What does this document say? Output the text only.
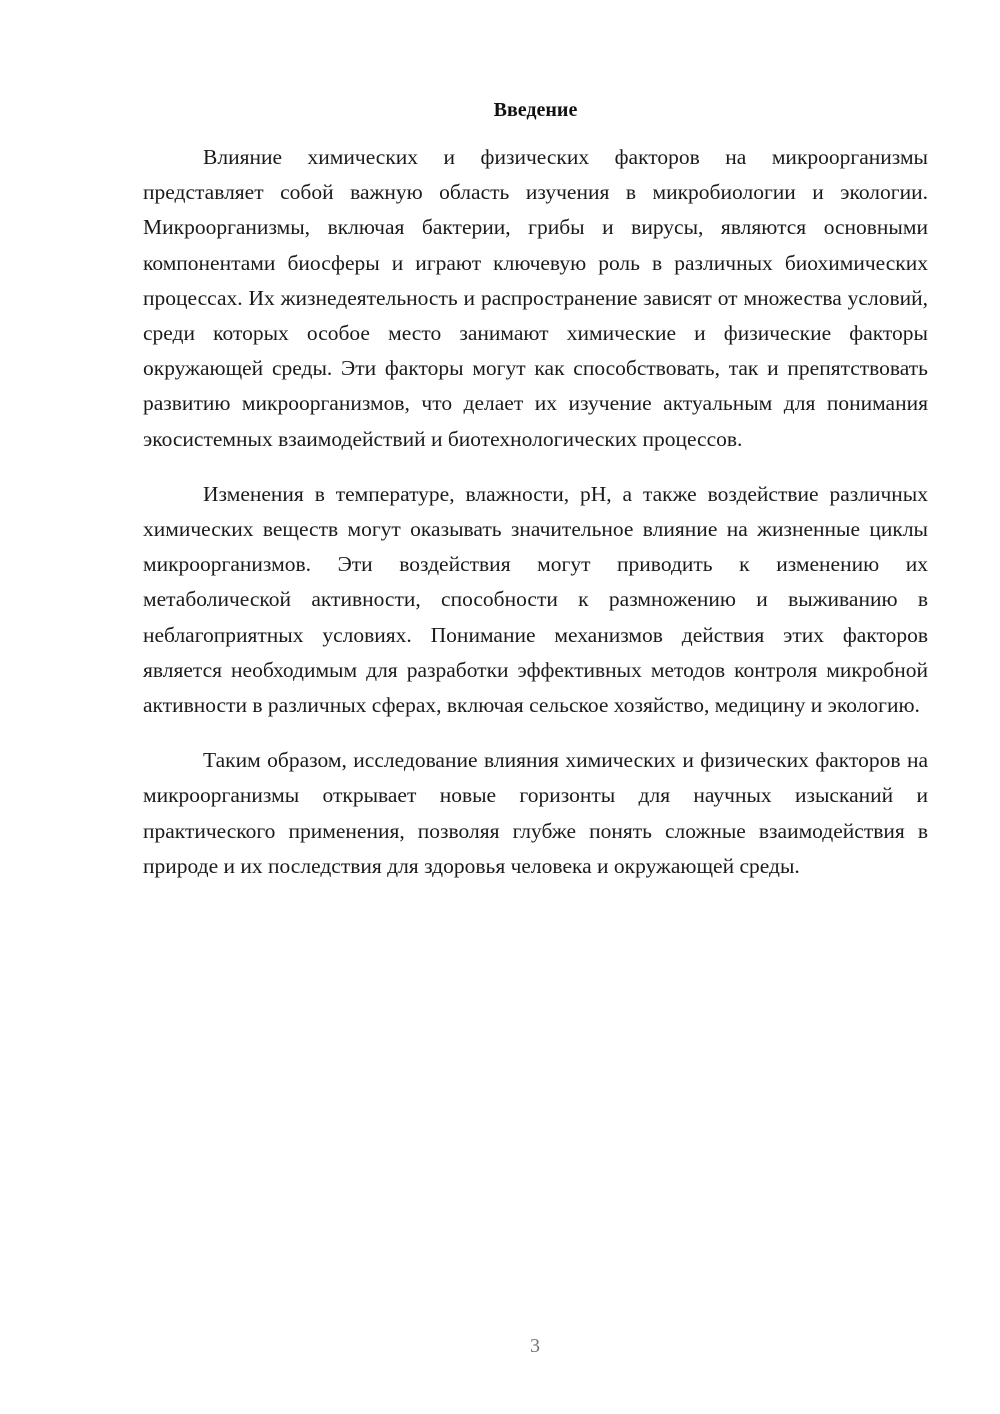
Введение

Влияние химических и физических факторов на микроорганизмы представляет собой важную область изучения в микробиологии и экологии. Микроорганизмы, включая бактерии, грибы и вирусы, являются основными компонентами биосферы и играют ключевую роль в различных биохимических процессах. Их жизнедеятельность и распространение зависят от множества условий, среди которых особое место занимают химические и физические факторы окружающей среды. Эти факторы могут как способствовать, так и препятствовать развитию микроорганизмов, что делает их изучение актуальным для понимания экосистемных взаимодействий и биотехнологических процессов.

Изменения в температуре, влажности, pH, а также воздействие различных химических веществ могут оказывать значительное влияние на жизненные циклы микроорганизмов. Эти воздействия могут приводить к изменению их метаболической активности, способности к размножению и выживанию в неблагоприятных условиях. Понимание механизмов действия этих факторов является необходимым для разработки эффективных методов контроля микробной активности в различных сферах, включая сельское хозяйство, медицину и экологию.

Таким образом, исследование влияния химических и физических факторов на микроорганизмы открывает новые горизонты для научных изысканий и практического применения, позволяя глубже понять сложные взаимодействия в природе и их последствия для здоровья человека и окружающей среды.

3
